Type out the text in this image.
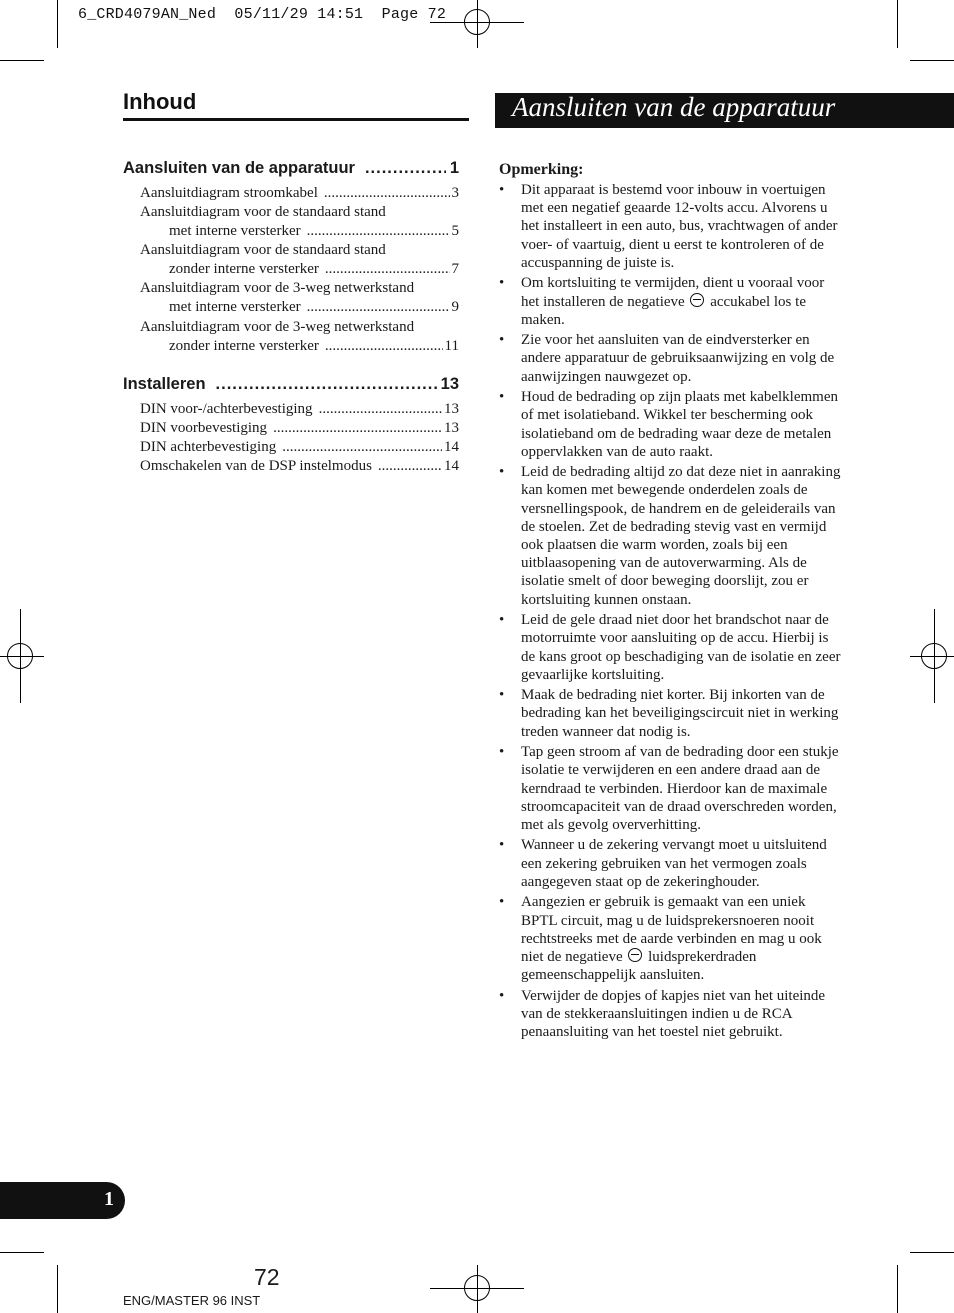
6_CRD4079AN_Ned  05/11/29 14:51  Page 72
Inhoud
Aansluiten van de apparatuur .....	1
Aansluitdiagram stroomkabel .....	3
Aansluitdiagram voor de standaard stand
met interne versterker .....	5
Aansluitdiagram voor de standaard stand
zonder interne versterker .....	7
Aansluitdiagram voor de 3-weg netwerkstand
met interne versterker .....	9
Aansluitdiagram voor de 3-weg netwerkstand
zonder interne versterker .....	11
Installeren .....	13
DIN voor-/achterbevestiging .....	13
DIN voorbevestiging .....	13
DIN achterbevestiging .....	14
Omschakelen van de DSP instelmodus .....	14
Aansluiten van de apparatuur
Opmerking:
• Dit apparaat is bestemd voor inbouw in voertuigen met een negatief geaarde 12-volts accu. Alvorens u het installeert in een auto, bus, vrachtwagen of ander voer- of vaartuig, dient u eerst te kontroleren of de accuspanning de juiste is.
• Om kortsluiting te vermijden, dient u vooraal voor het installeren de negatieve accukabel los te maken.
• Zie voor het aansluiten van de eindversterker en andere apparatuur de gebruiksaanwijzing en volg de aanwijzingen nauwgezet op.
• Houd de bedrading op zijn plaats met kabelklemmen of met isolatieband. Wikkel ter bescherming ook isolatieband om de bedrading waar deze de metalen oppervlakken van de auto raakt.
• Leid de bedrading altijd zo dat deze niet in aanraking kan komen met bewegende onderdelen zoals de versnellingspook, de handrem en de geleiderails van de stoelen. Zet de bedrading stevig vast en vermijd ook plaatsen die warm worden, zoals bij een uitblaasopening van de autoverwarming. Als de isolatie smelt of door beweging doorslijt, zou er kortsluiting kunnen onstaan.
• Leid de gele draad niet door het brandschot naar de motorruimte voor aansluiting op de accu. Hierbij is de kans groot op beschadiging van de isolatie en zeer gevaarlijke kortsluiting.
• Maak de bedrading niet korter. Bij inkorten van de bedrading kan het beveiligingscircuit niet in werking treden wanneer dat nodig is.
• Tap geen stroom af van de bedrading door een stukje isolatie te verwijderen en een andere draad aan de kerndraad te verbinden. Hierdoor kan de maximale stroomcapaciteit van de draad overschreden worden, met als gevolg oververhitting.
• Wanneer u de zekering vervangt moet u uitsluitend een zekering gebruiken van het vermogen zoals aangegeven staat op de zekeringhouder.
• Aangezien er gebruik is gemaakt van een uniek BPTL circuit, mag u de luidsprekersnoeren nooit rechtstreeks met de aarde verbinden en mag u ook niet de negatieve luidsprekerdraden gemeenschappelijk aansluiten.
• Verwijder de dopjes of kapjes niet van het uiteinde van de stekkeraansluitingen indien u de RCA penaansluiting van het toestel niet gebruikt.
1
72
ENG/MASTER 96 INST
